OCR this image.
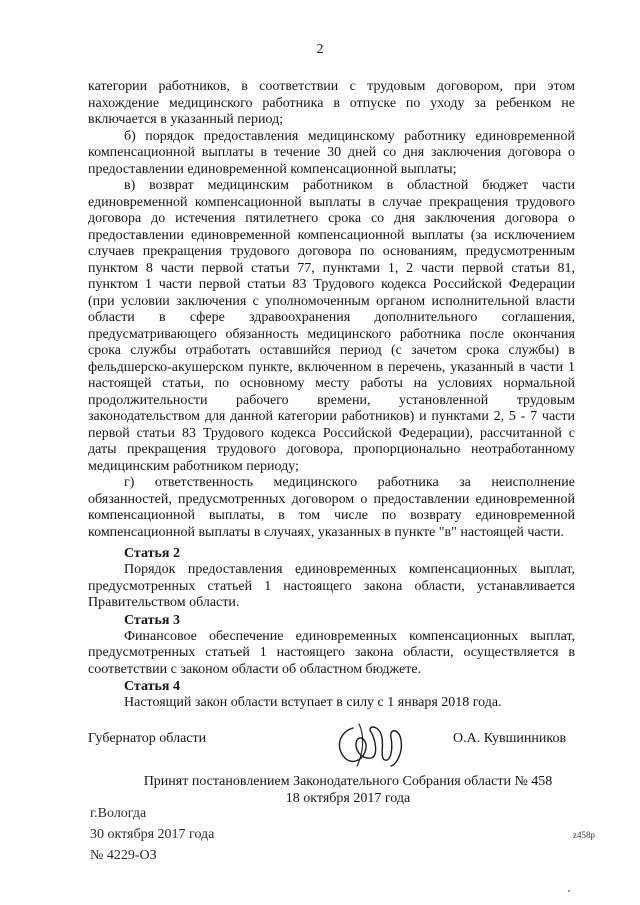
2

категории работников, в соответствии с трудовым договором, при этом нахождение медицинского работника в отпуске по уходу за ребенком не включается в указанный период;

б) порядок предоставления медицинскому работнику единовременной компенсационной выплаты в течение 30 дней со дня заключения договора о предоставлении единовременной компенсационной выплаты;

в) возврат медицинским работником в областной бюджет части единовременной компенсационной выплаты в случае прекращения трудового договора до истечения пятилетнего срока со дня заключения договора о предоставлении единовременной компенсационной выплаты (за исключением случаев прекращения трудового договора по основаниям, предусмотренным пунктом 8 части первой статьи 77, пунктами 1, 2 части первой статьи 81, пунктом 1 части первой статьи 83 Трудового кодекса Российской Федерации (при условии заключения с уполномоченным органом исполнительной власти области в сфере здравоохранения дополнительного соглашения, предусматривающего обязанность медицинского работника после окончания срока службы отработать оставшийся период (с зачетом срока службы) в фельдшерско-акушерском пункте, включенном в перечень, указанный в части 1 настоящей статьи, по основному месту работы на условиях нормальной продолжительности рабочего времени, установленной трудовым законодательством для данной категории работников) и пунктами 2, 5 - 7 части первой статьи 83 Трудового кодекса Российской Федерации), рассчитанной с даты прекращения трудового договора, пропорционально неотработанному медицинским работником периоду;

г) ответственность медицинского работника за неисполнение обязанностей, предусмотренных договором о предоставлении единовременной компенсационной выплаты, в том числе по возврату единовременной компенсационной выплаты в случаях, указанных в пункте "в" настоящей части.

Статья 2

Порядок предоставления единовременных компенсационных выплат, предусмотренных статьей 1 настоящего закона области, устанавливается Правительством области.

Статья 3

Финансовое обеспечение единовременных компенсационных выплат, предусмотренных статьей 1 настоящего закона области, осуществляется в соответствии с законом области об областном бюджете.

Статья 4

Настоящий закон области вступает в силу с 1 января 2018 года.

Губернатор области	О.А. Кувшинников
Принят постановлением Законодательного Собрания области № 458
18 октября 2017 года
г.Вологда
30 октября 2017 года
№ 4229-ОЗ
z458p
